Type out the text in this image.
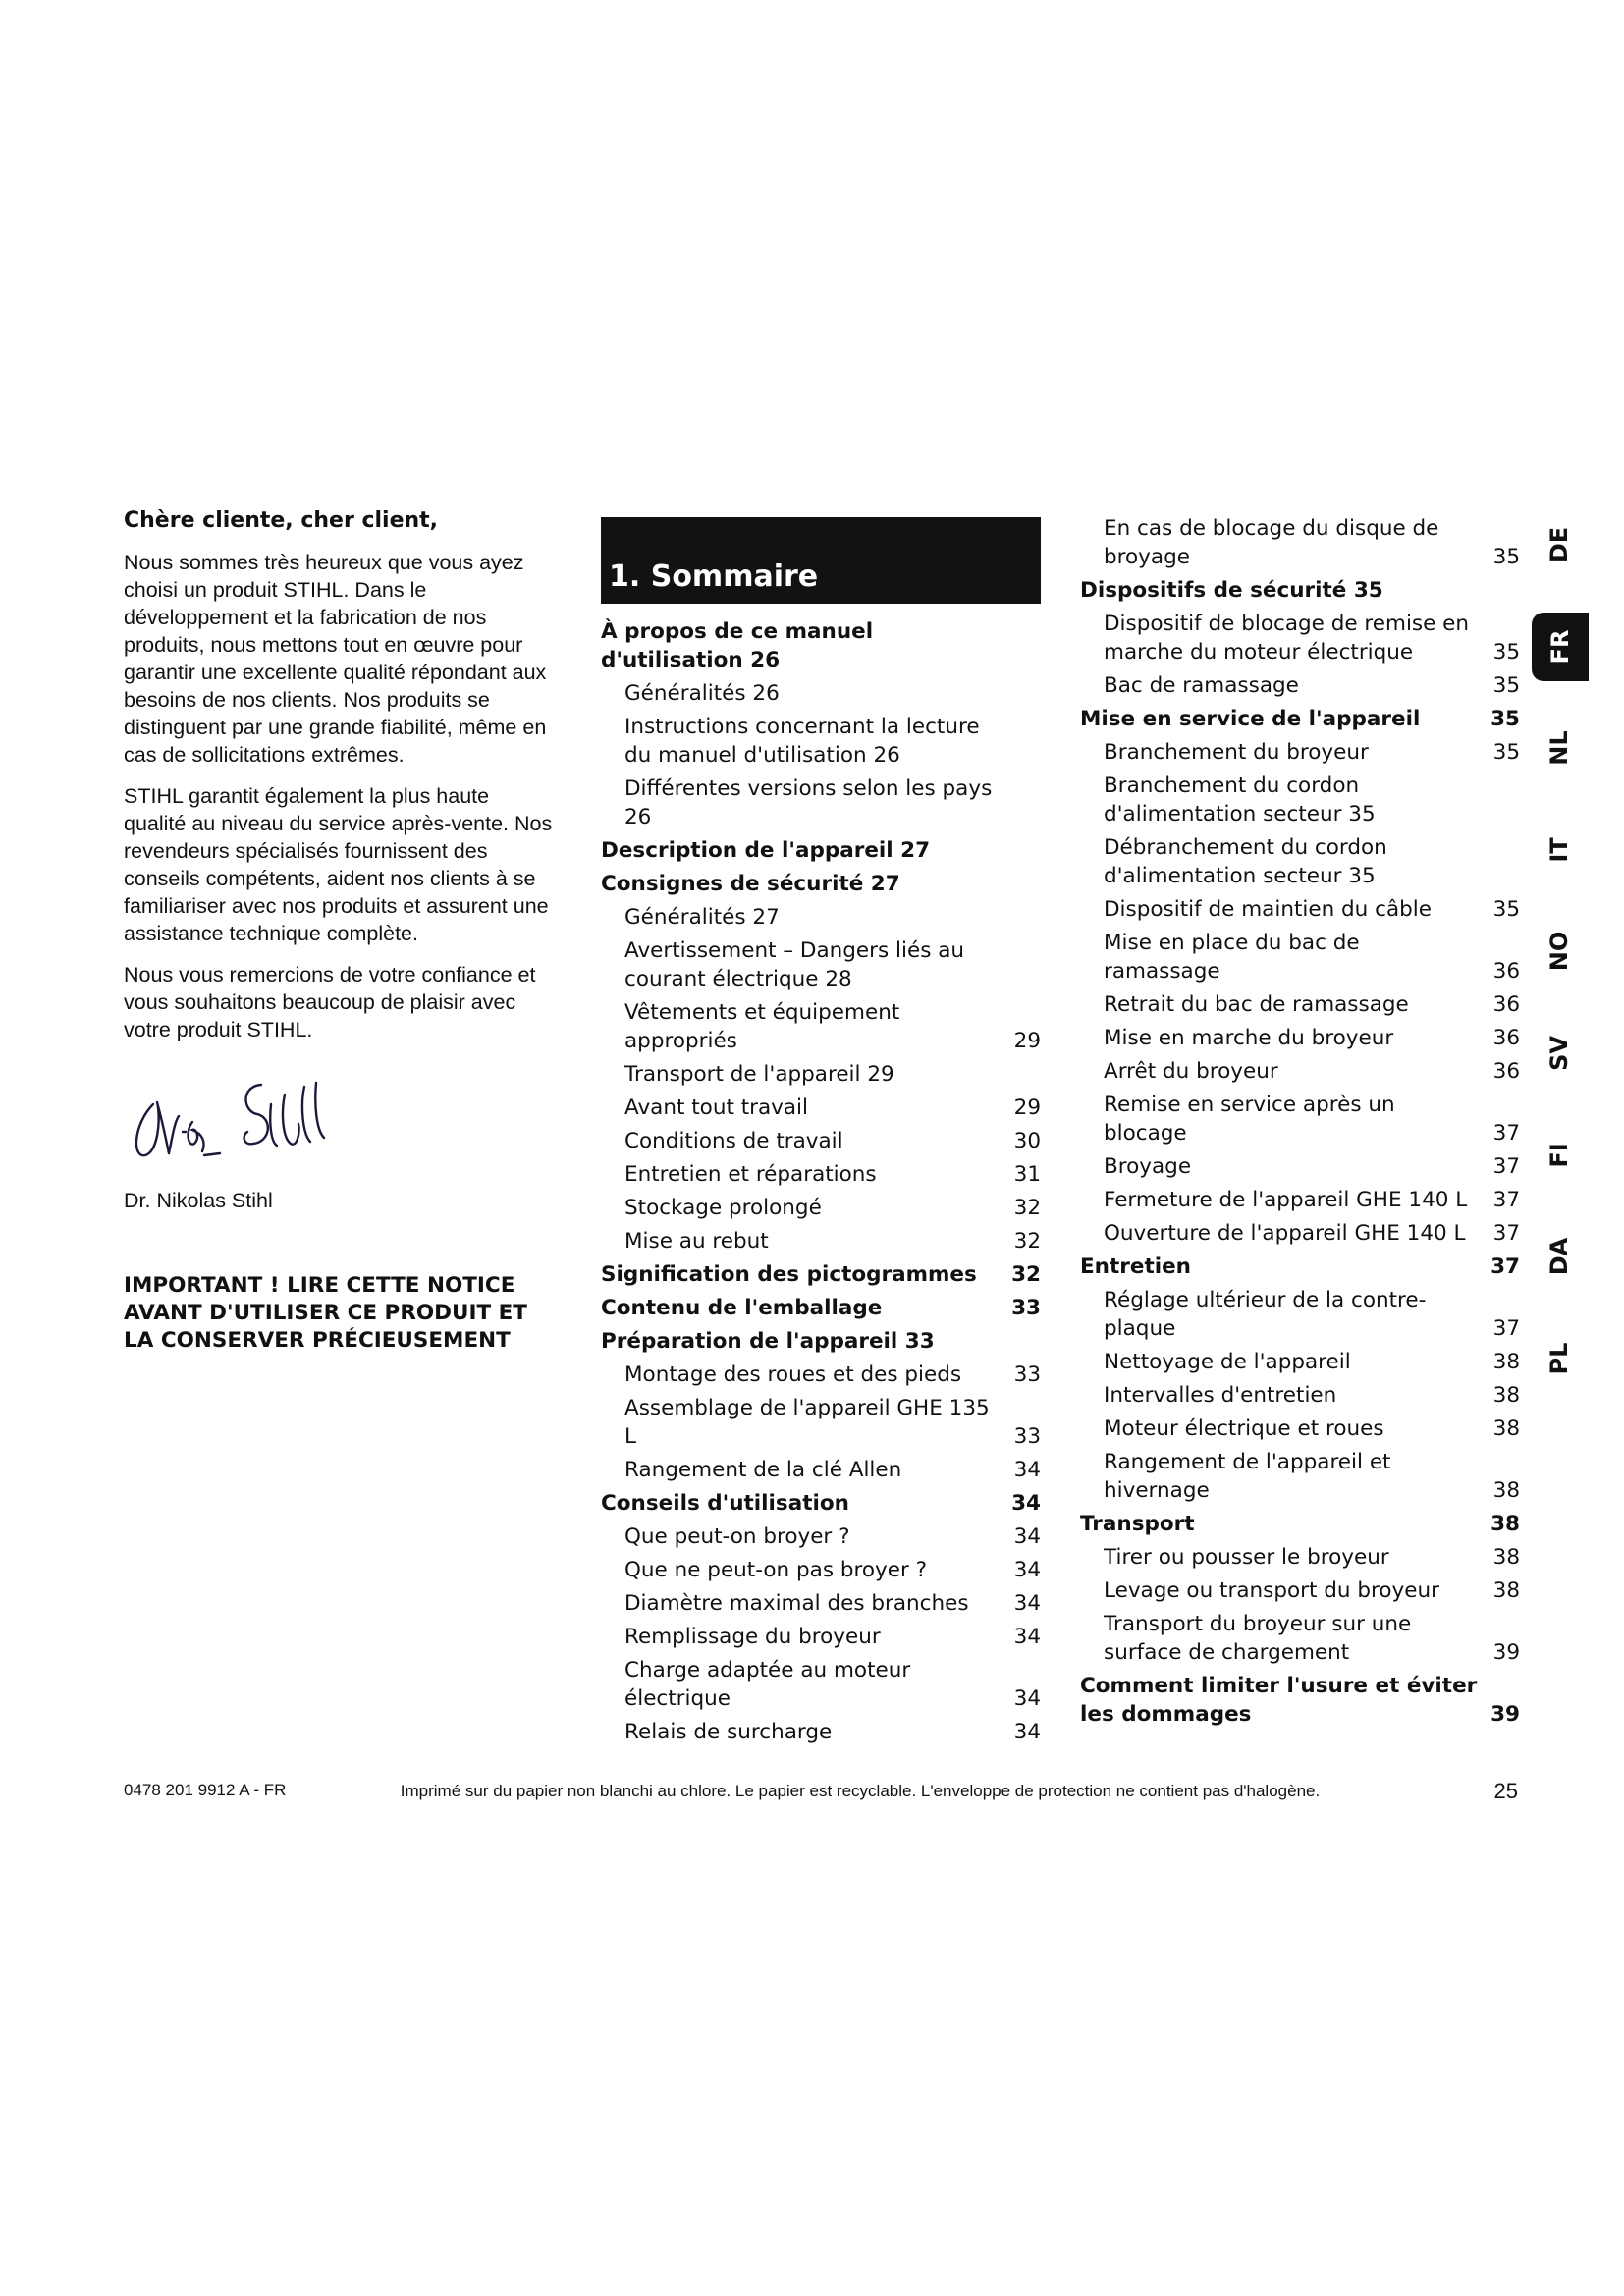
Chère cliente, cher client,

Nous sommes très heureux que vous ayez choisi un produit STIHL. Dans le développement et la fabrication de nos produits, nous mettons tout en œuvre pour garantir une excellente qualité répondant aux besoins de nos clients. Nos produits se distinguent par une grande fiabilité, même en cas de sollicitations extrêmes.

STIHL garantit également la plus haute qualité au niveau du service après-vente. Nos revendeurs spécialisés fournissent des conseils compétents, aident nos clients à se familiariser avec nos produits et assurent une assistance technique complète.

Nous vous remercions de votre confiance et vous souhaitons beaucoup de plaisir avec votre produit STIHL.

Dr. Nikolas Stihl

IMPORTANT ! LIRE CETTE NOTICE AVANT D'UTILISER CE PRODUIT ET LA CONSERVER PRÉCIEUSEMENT

1. Sommaire
À propos de ce manuel d'utilisation 26
Généralités 26
Instructions concernant la lecture du manuel d'utilisation 26
Différentes versions selon les pays 26
Description de l'appareil 27
Consignes de sécurité 27
Généralités 27
Avertissement – Dangers liés au courant électrique 28
Vêtements et équipement appropriés	29
Transport de l'appareil 29
Avant tout travail	29
Conditions de travail	30
Entretien et réparations	31
Stockage prolongé	32
Mise au rebut	32
Signification des pictogrammes	32
Contenu de l'emballage	33
Préparation de l'appareil 33
Montage des roues et des pieds	33
Assemblage de l'appareil GHE 135 L	33
Rangement de la clé Allen	34
Conseils d'utilisation	34
Que peut-on broyer ?	34
Que ne peut-on pas broyer ?	34
Diamètre maximal des branches	34
Remplissage du broyeur	34
Charge adaptée au moteur électrique	34
Relais de surcharge	34
En cas de blocage du disque de broyage	35
Dispositifs de sécurité 35
Dispositif de blocage de remise en marche du moteur électrique	35
Bac de ramassage	35
Mise en service de l'appareil	35
Branchement du broyeur	35
Branchement du cordon d'alimentation secteur 35
Débranchement du cordon d'alimentation secteur 35
Dispositif de maintien du câble	35
Mise en place du bac de ramassage	36
Retrait du bac de ramassage	36
Mise en marche du broyeur	36
Arrêt du broyeur	36
Remise en service après un blocage	37
Broyage	37
Fermeture de l'appareil GHE 140 L	37
Ouverture de l'appareil GHE 140 L	37
Entretien	37
Réglage ultérieur de la contre-plaque	37
Nettoyage de l'appareil	38
Intervalles d'entretien	38
Moteur électrique et roues	38
Rangement de l'appareil et hivernage	38
Transport	38
Tirer ou pousser le broyeur	38
Levage ou transport du broyeur	38
Transport du broyeur sur une surface de chargement	39
Comment limiter l'usure et éviter les dommages	39
DE
FR
NL
IT
NO
SV
FI
DA
PL
0478 201 9912 A - FR	Imprimé sur du papier non blanchi au chlore. Le papier est recyclable. L'enveloppe de protection ne contient pas d'halogène.	25
